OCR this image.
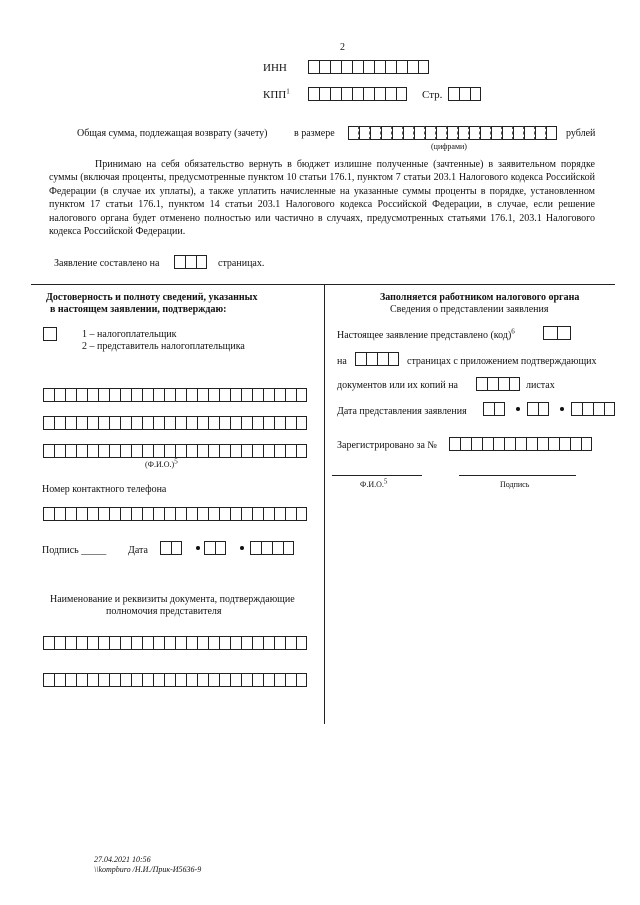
2
ИНН
КПП$^1$	Стр.
Общая сумма, подлежащая возврату (зачету)	в размере	рублей
(цифрами)
Принимаю на себя обязательство вернуть в бюджет излишне полученные (зачтенные) в заявительном порядке суммы (включая проценты, предусмотренные пунктом 10 статьи 176.1, пунктом 7 статьи 203.1 Налогового кодекса Российской Федерации (в случае их уплаты), а также уплатить начисленные на указанные суммы проценты в порядке, установленном пунктом 17 статьи 176.1, пунктом 14 статьи 203.1 Налогового кодекса Российской Федерации, в случае, если решение налогового органа будет отменено полностью или частично в случаях, предусмотренных статьями 176.1, 203.1 Налогового кодекса Российской Федерации.
Заявление составлено на	страницах.
Достоверность и полноту сведений, указанных
в настоящем заявлении, подтверждаю:
1 – налогоплательщик
2 – представитель налогоплательщика
(Ф.И.О.)5
Номер контактного телефона
Подпись _____ Дата
Наименование и реквизиты документа, подтверждающие
полномочия представителя
Заполняется работником налогового органа
Сведения о представлении заявления
Настоящее заявление представлено (код)$^6$
на	страницах с приложением подтверждающих
документов или их копий на	листах
Дата представления заявления
Зарегистрировано за №
Ф.И.О.5	Подпись
27.04.2021 10:56
\\kompburo /Н.И./Прик-И5636-9
